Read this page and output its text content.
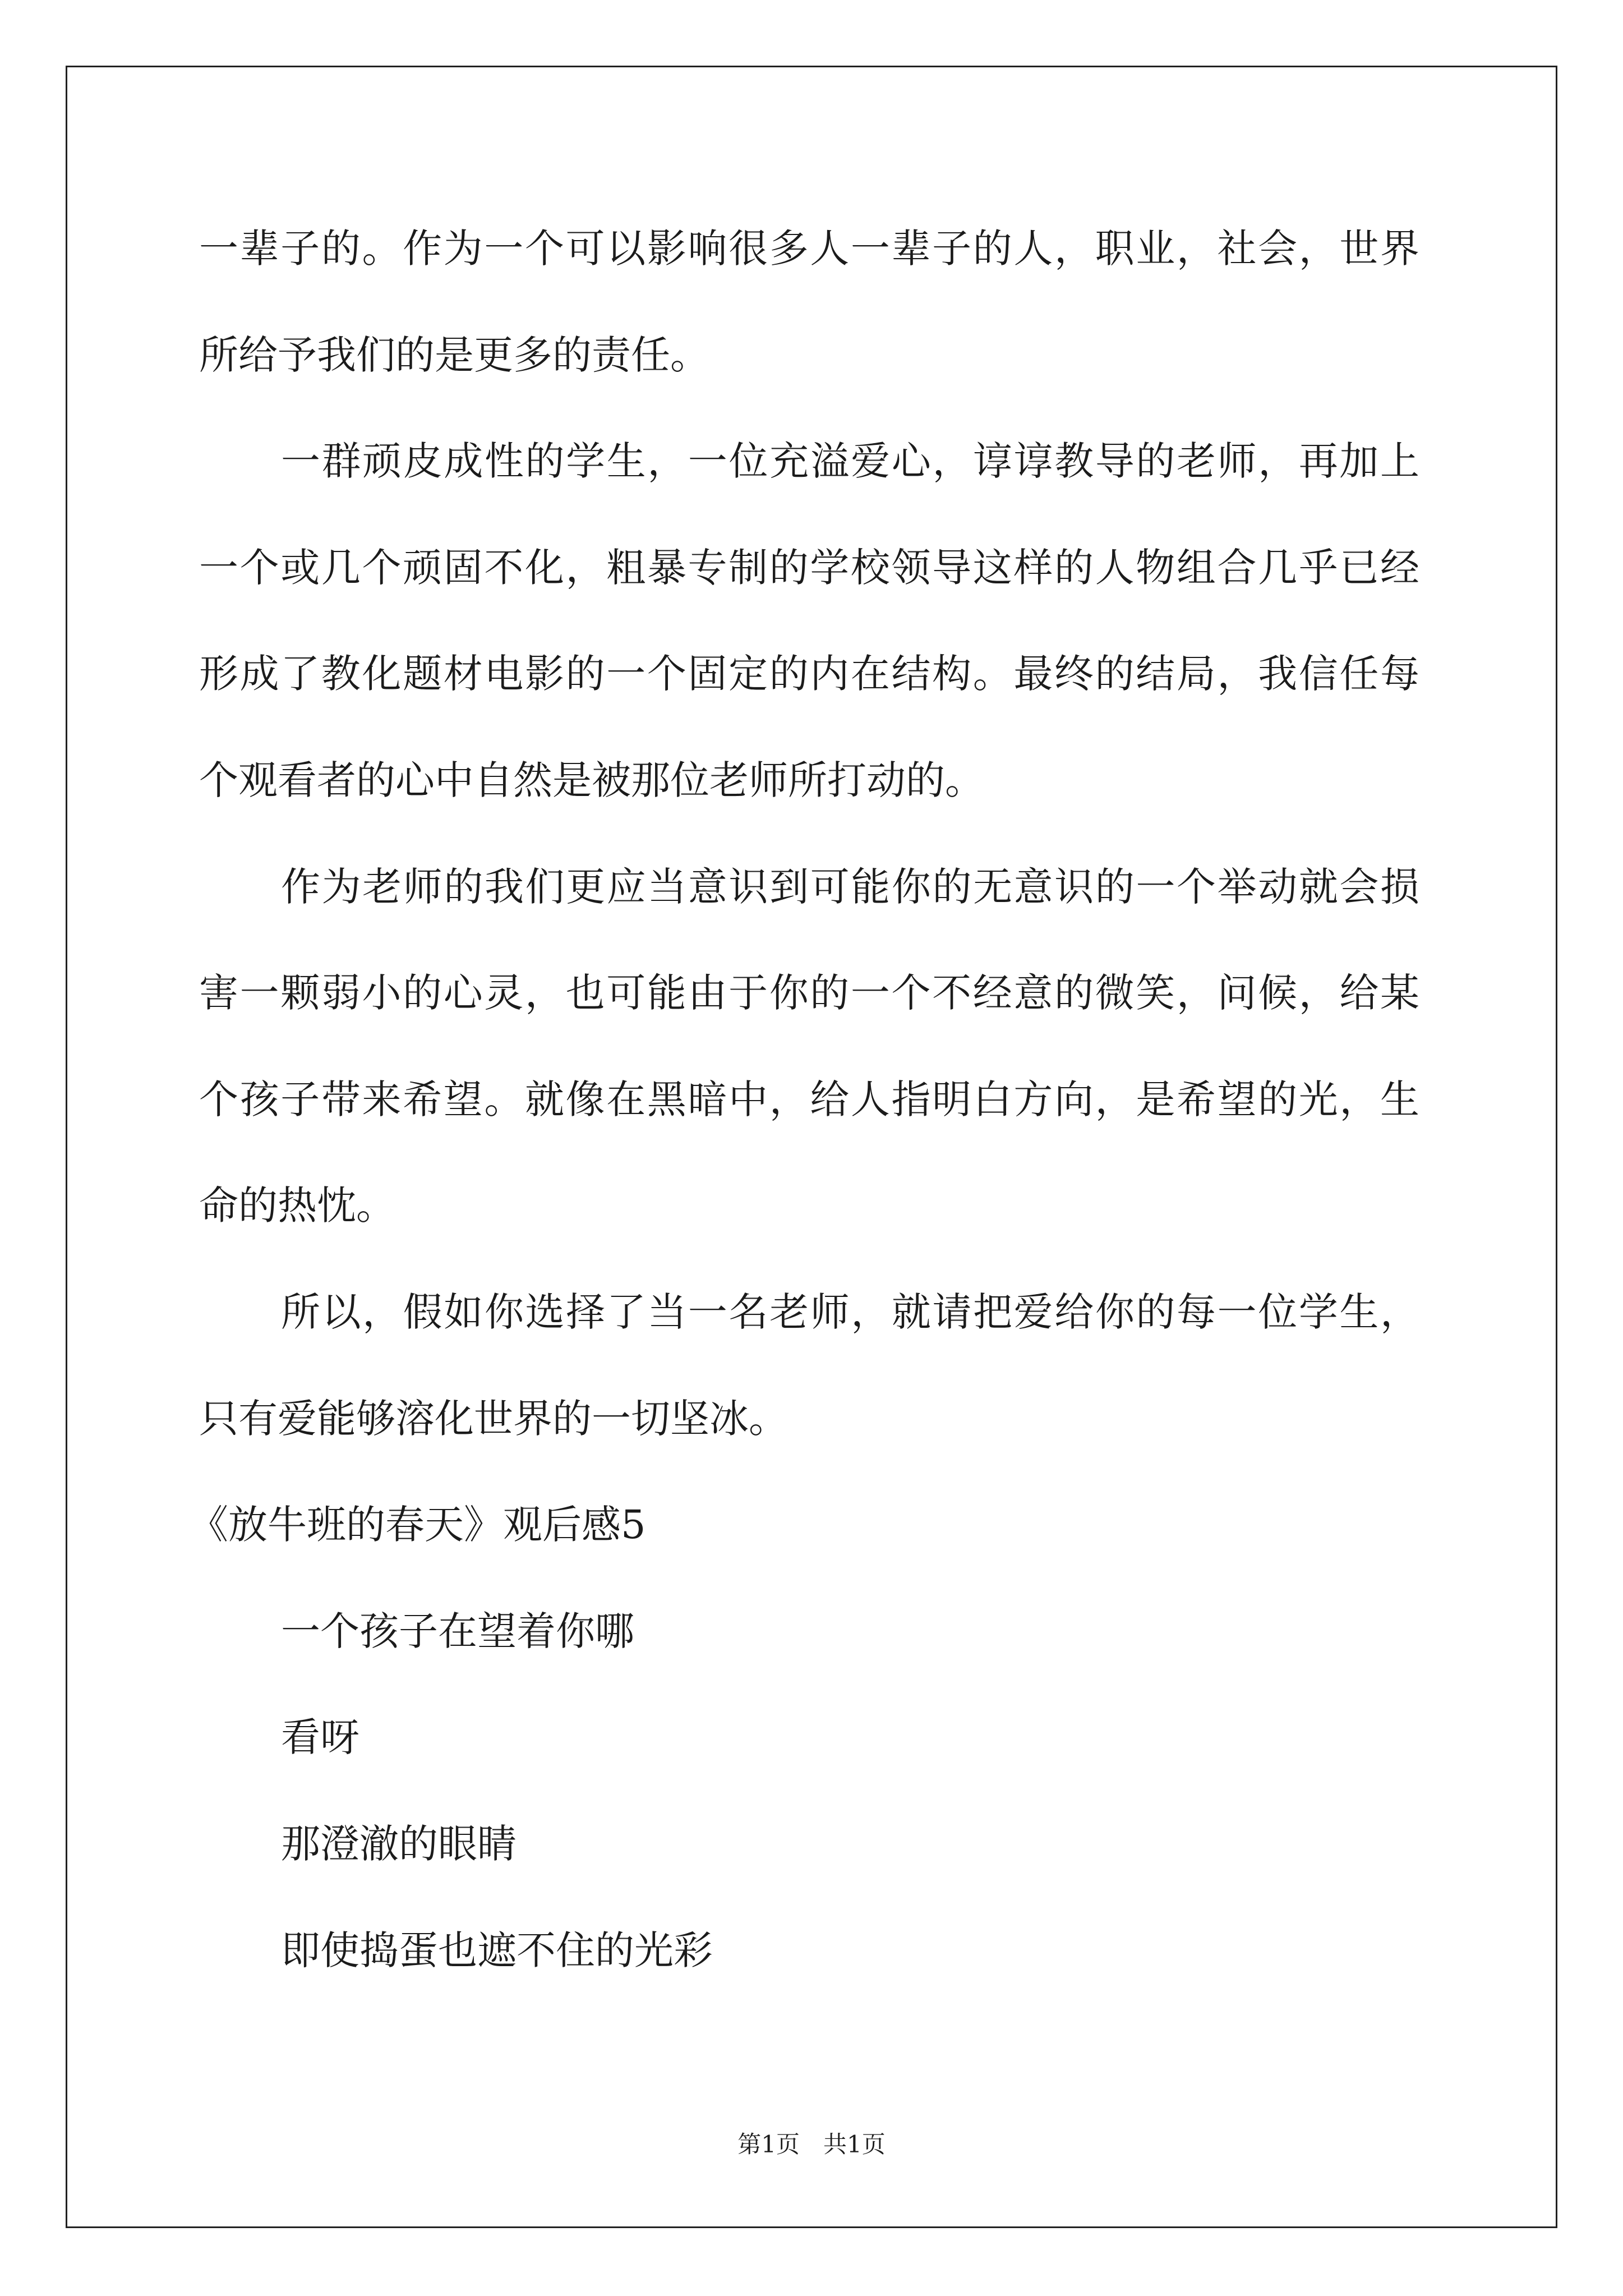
一辈子的。作为一个可以影响很多人一辈子的人，职业，社会，世界
所给予我们的是更多的责任。
一群顽皮成性的学生，一位充溢爱心，谆谆教导的老师，再加上
一个或几个顽固不化，粗暴专制的学校领导这样的人物组合几乎已经
形成了教化题材电影的一个固定的内在结构。最终的结局，我信任每
个观看者的心中自然是被那位老师所打动的。
作为老师的我们更应当意识到可能你的无意识的一个举动就会损
害一颗弱小的心灵，也可能由于你的一个不经意的微笑，问候，给某
个孩子带来希望。就像在黑暗中，给人指明白方向，是希望的光，生
命的热忱。
所以，假如你选择了当一名老师，就请把爱给你的每一位学生，
只有爱能够溶化世界的一切坚冰。
《放牛班的春天》观后感5
一个孩子在望着你哪
看呀
那澄澈的眼睛
即使捣蛋也遮不住的光彩
第1页　共1页
